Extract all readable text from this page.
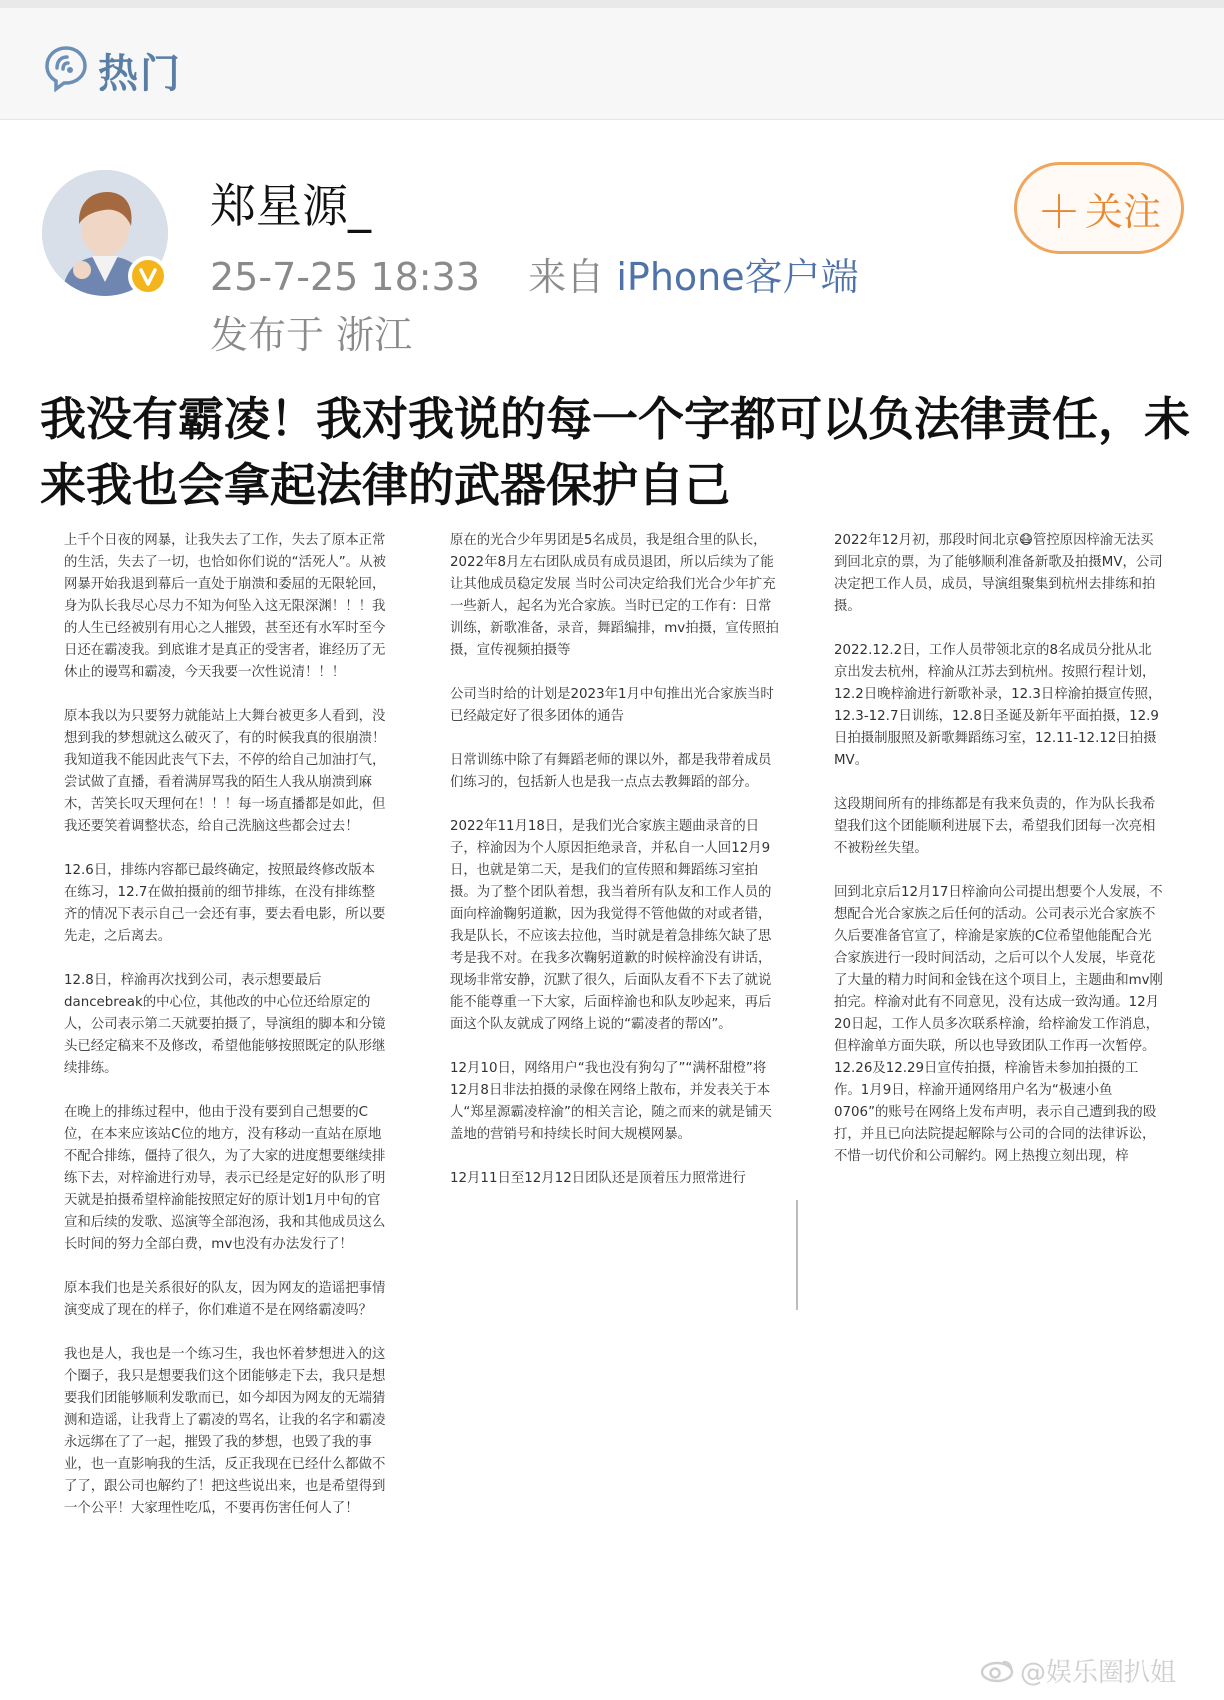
热门
郑星源_
25-7-25 18:33 来自 iPhone客户端
发布于 浙江
＋ 关注
我没有霸凌！我对我说的每一个字都可以负法律责任，未来我也会拿起法律的武器保护自己

上千个日夜的网暴，让我失去了工作，失去了原本正常的生活，失去了一切，也恰如你们说的“活死人”。从被网暴开始我退到幕后一直处于崩溃和委屈的无限轮回，身为队长我尽心尽力不知为何坠入这无限深渊！！！我的人生已经被别有用心之人摧毁，甚至还有水军时至今日还在霸凌我。到底谁才是真正的受害者，谁经历了无休止的谩骂和霸凌，今天我要一次性说清！！！

原本我以为只要努力就能站上大舞台被更多人看到，没想到我的梦想就这么破灭了，有的时候我真的很崩溃！我知道我不能因此丧气下去，不停的给自己加油打气，尝试做了直播，看着满屏骂我的陌生人我从崩溃到麻木，苦笑长叹天理何在！！！每一场直播都是如此，但我还要笑着调整状态，给自己洗脑这些都会过去！

12.6日，排练内容都已最终确定，按照最终修改版本在练习，12.7在做拍摄前的细节排练，在没有排练整齐的情况下表示自己一会还有事，要去看电影，所以要先走，之后离去。

12.8日，梓渝再次找到公司，表示想要最后dancebreak的中心位，其他改的中心位还给原定的人，公司表示第二天就要拍摄了，导演组的脚本和分镜头已经定稿来不及修改，希望他能够按照既定的队形继续排练。

在晚上的排练过程中，他由于没有要到自己想要的C位，在本来应该站C位的地方，没有移动一直站在原地不配合排练，僵持了很久，为了大家的进度想要继续排练下去，对梓渝进行劝导，表示已经是定好的队形了明天就是拍摄希望梓渝能按照定好的原计划1月中旬的官宣和后续的发歌、巡演等全部泡汤，我和其他成员这么长时间的努力全部白费，mv也没有办法发行了！

原本我们也是关系很好的队友，因为网友的造谣把事情演变成了现在的样子，你们难道不是在网络霸凌吗？

我也是人，我也是一个练习生，我也怀着梦想进入的这个圈子，我只是想要我们这个团能够走下去，我只是想要我们团能够顺利发歌而已，如今却因为网友的无端猜测和造谣，让我背上了霸凌的骂名，让我的名字和霸凌永远绑在了了一起，摧毁了我的梦想，也毁了我的事业，也一直影响我的生活，反正我现在已经什么都做不了了，跟公司也解约了！把这些说出来，也是希望得到一个公平！大家理性吃瓜，不要再伤害任何人了！

原在的光合少年男团是5名成员，我是组合里的队长，2022年8月左右团队成员有成员退团，所以后续为了能让其他成员稳定发展 当时公司决定给我们光合少年扩充一些新人，起名为光合家族。当时已定的工作有：日常训练，新歌准备，录音，舞蹈编排，mv拍摄，宣传照拍摄，宣传视频拍摄等

公司当时给的计划是2023年1月中旬推出光合家族当时已经敲定好了很多团体的通告

日常训练中除了有舞蹈老师的课以外，都是我带着成员们练习的，包括新人也是我一点点去教舞蹈的部分。

2022年11月18日，是我们光合家族主题曲录音的日子，梓渝因为个人原因拒绝录音，并私自一人回12月9日，也就是第二天，是我们的宣传照和舞蹈练习室拍摄。为了整个团队着想，我当着所有队友和工作人员的面向梓渝鞠躬道歉，因为我觉得不管他做的对或者错，我是队长，不应该去拉他，当时就是着急排练欠缺了思考是我不对。在我多次鞠躬道歉的时候梓渝没有讲话，现场非常安静，沉默了很久，后面队友看不下去了就说能不能尊重一下大家，后面梓渝也和队友吵起来，再后面这个队友就成了网络上说的“霸凌者的帮凶”。

12月10日，网络用户“我也没有狗勾了”“满杯甜橙”将12月8日非法拍摄的录像在网络上散布，并发表关于本人“郑星源霸凌梓渝”的相关言论，随之而来的就是铺天盖地的营销号和持续长时间大规模网暴。

12月11日至12月12日团队还是顶着压力照常进行

2022年12月初，那段时间北京😷管控原因梓渝无法买到回北京的票，为了能够顺利准备新歌及拍摄MV，公司决定把工作人员，成员，导演组聚集到杭州去排练和拍摄。

2022.12.2日，工作人员带领北京的8名成员分批从北京出发去杭州，梓渝从江苏去到杭州。按照行程计划，12.2日晚梓渝进行新歌补录，12.3日梓渝拍摄宣传照，12.3-12.7日训练，12.8日圣诞及新年平面拍摄，12.9日拍摄制服照及新歌舞蹈练习室，12.11-12.12日拍摄MV。

这段期间所有的排练都是有我来负责的，作为队长我希望我们这个团能顺利进展下去，希望我们团每一次亮相不被粉丝失望。

回到北京后12月17日梓渝向公司提出想要个人发展，不想配合光合家族之后任何的活动。公司表示光合家族不久后要准备官宣了，梓渝是家族的C位希望他能配合光合家族进行一段时间活动，之后可以个人发展，毕竟花了大量的精力时间和金钱在这个项目上，主题曲和mv刚拍完。梓渝对此有不同意见，没有达成一致沟通。12月20日起，工作人员多次联系梓渝，给梓渝发工作消息，但梓渝单方面失联，所以也导致团队工作再一次暂停。12.26及12.29日宣传拍摄，梓渝皆未参加拍摄的工作。1月9日，梓渝开通网络用户名为“极速小鱼0706”的账号在网络上发布声明，表示自己遭到我的殴打，并且已向法院提起解除与公司的合同的法律诉讼，不惜一切代价和公司解约。网上热搜立刻出现，梓

@娱乐圈扒姐
